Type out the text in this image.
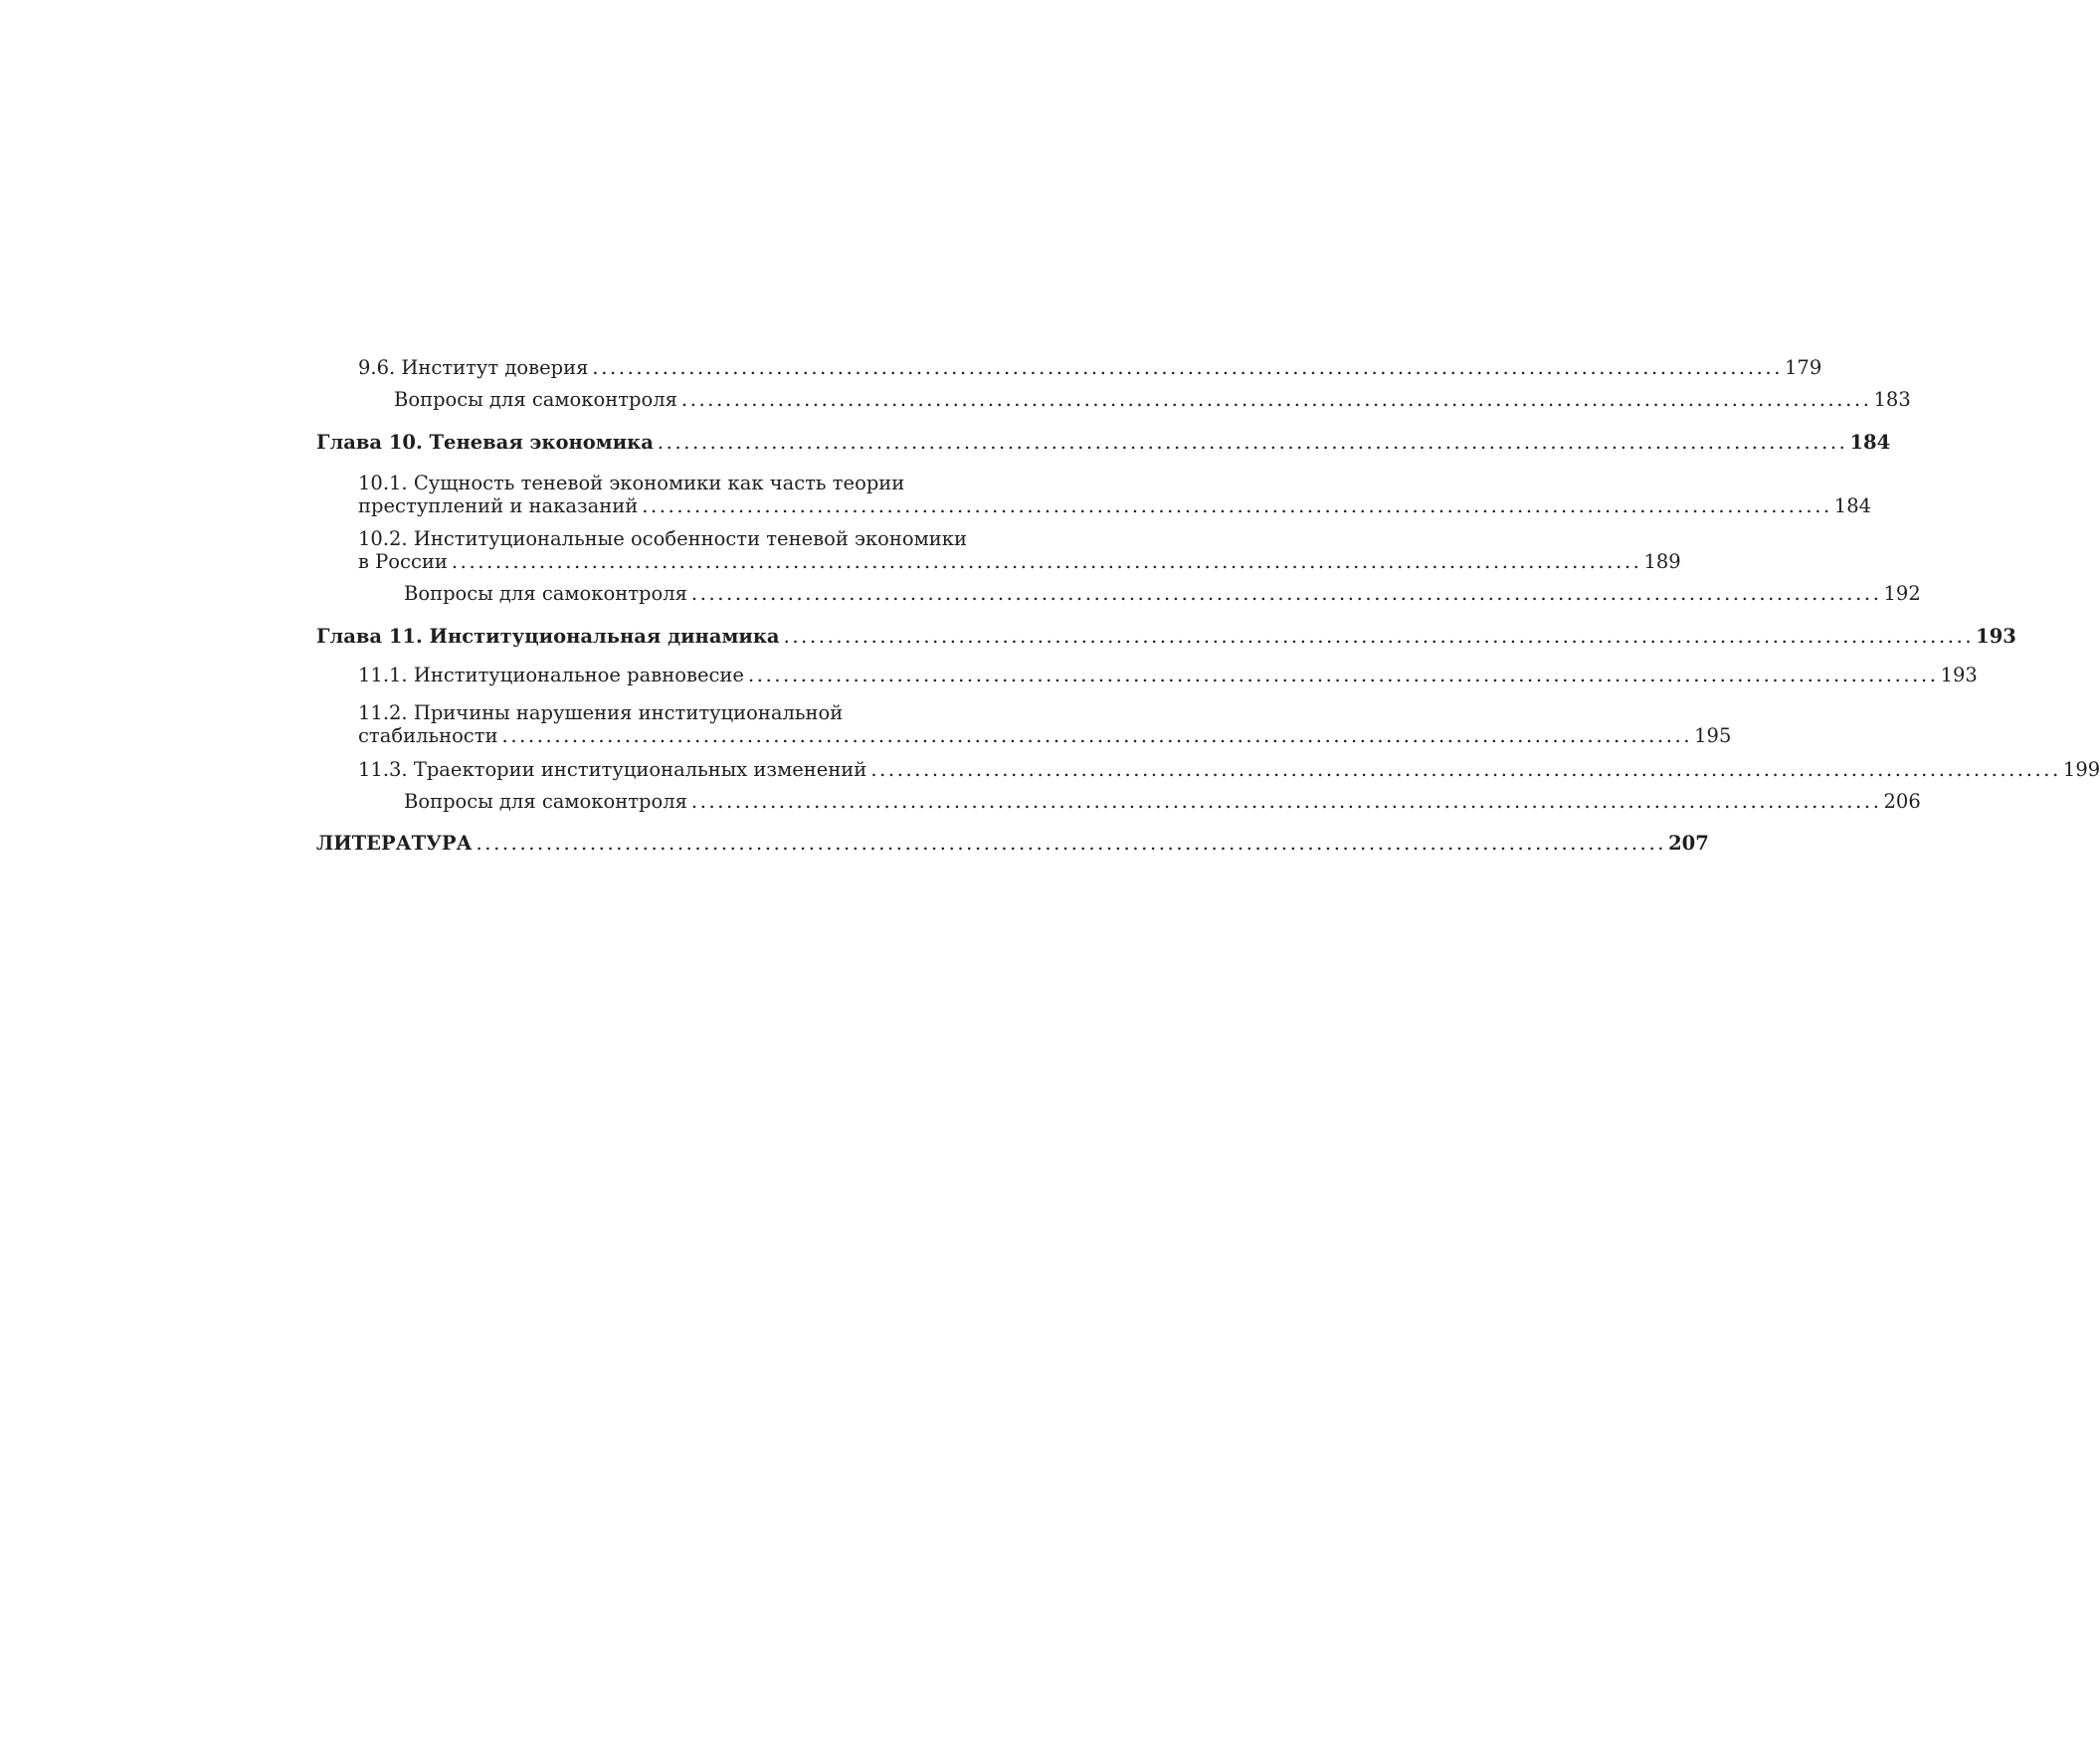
9.6. Институт доверия ........................................................................................................................................ 179
Вопросы для самоконтроля ........................................................................................................................................ 183
Глава 10. Теневая экономика ........................................................................................................................................ 184
10.1. Сущность теневой экономики как часть теории
преступлений и наказаний ........................................................................................................................................ 184
10.2. Институциональные особенности теневой экономики
в России ........................................................................................................................................ 189
Вопросы для самоконтроля ........................................................................................................................................ 192
Глава 11. Институциональная динамика ........................................................................................................................................ 193
11.1. Институциональное равновесие ........................................................................................................................................ 193
11.2. Причины нарушения институциональной
стабильности ........................................................................................................................................ 195
11.3. Траектории институциональных изменений ........................................................................................................................................ 199
Вопросы для самоконтроля ........................................................................................................................................ 206
ЛИТЕРАТУРА ........................................................................................................................................ 207
